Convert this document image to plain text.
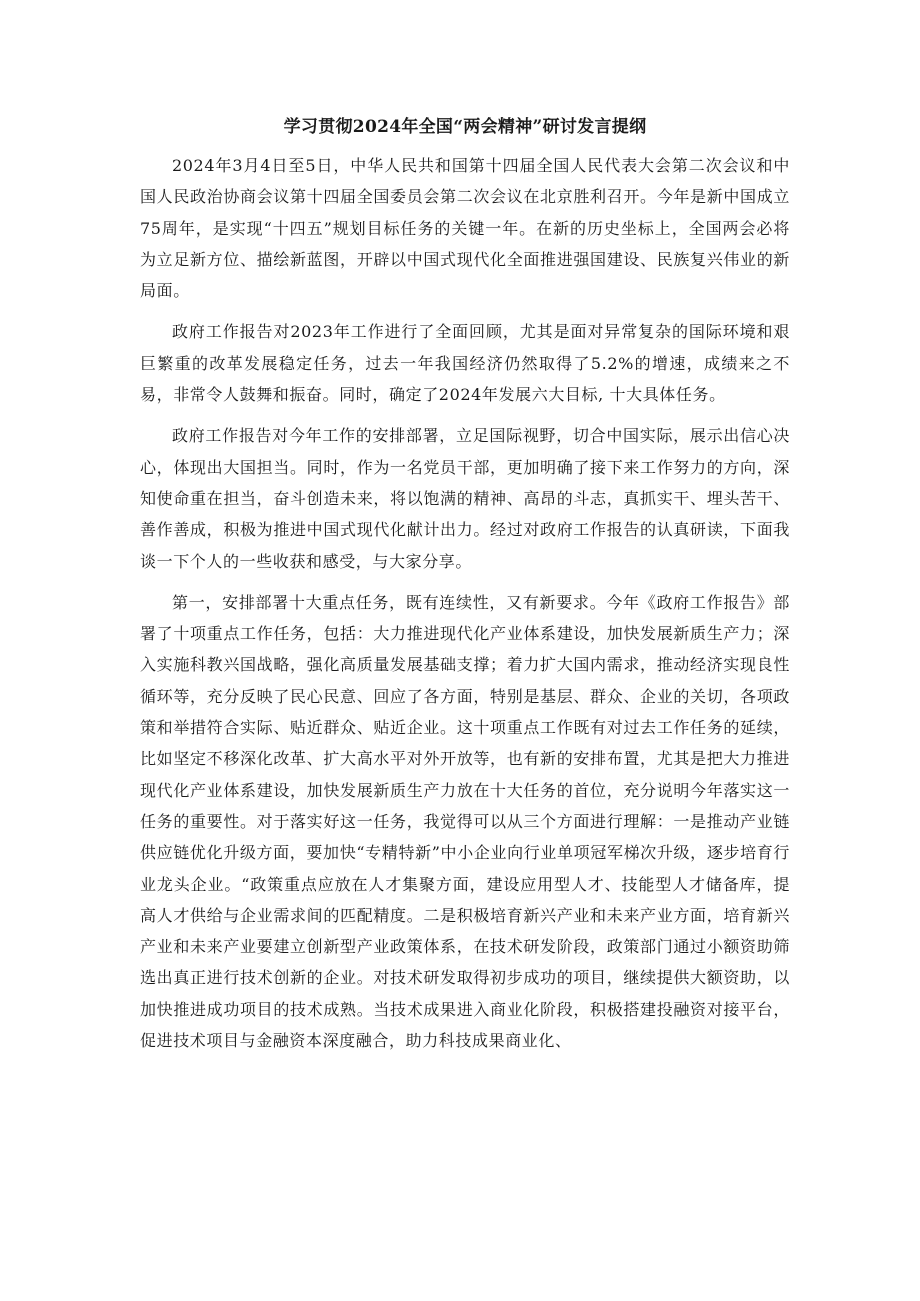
学习贯彻2024年全国“两会精神”研讨发言提纲

2024年3月4日至5日，中华人民共和国第十四届全国人民代表大会第二次会议和中国人民政治协商会议第十四届全国委员会第二次会议在北京胜利召开。今年是新中国成立75周年，是实现“十四五”规划目标任务的关键一年。在新的历史坐标上，全国两会必将为立足新方位、描绘新蓝图，开辟以中国式现代化全面推进强国建设、民族复兴伟业的新局面。

政府工作报告对2023年工作进行了全面回顾，尤其是面对异常复杂的国际环境和艰巨繁重的改革发展稳定任务，过去一年我国经济仍然取得了5.2%的增速，成绩来之不易，非常令人鼓舞和振奋。同时，确定了2024年发展六大目标, 十大具体任务。

政府工作报告对今年工作的安排部署，立足国际视野，切合中国实际，展示出信心决心，体现出大国担当。同时，作为一名党员干部，更加明确了接下来工作努力的方向，深知使命重在担当，奋斗创造未来，将以饱满的精神、高昂的斗志，真抓实干、埋头苦干、善作善成，积极为推进中国式现代化献计出力。经过对政府工作报告的认真研读，下面我谈一下个人的一些收获和感受，与大家分享。

第一，安排部署十大重点任务，既有连续性，又有新要求。今年《政府工作报告》部署了十项重点工作任务，包括：大力推进现代化产业体系建设，加快发展新质生产力；深入实施科教兴国战略，强化高质量发展基础支撑；着力扩大国内需求，推动经济实现良性循环等，充分反映了民心民意、回应了各方面，特别是基层、群众、企业的关切，各项政策和举措符合实际、贴近群众、贴近企业。这十项重点工作既有对过去工作任务的延续，比如坚定不移深化改革、扩大高水平对外开放等，也有新的安排布置，尤其是把大力推进现代化产业体系建设，加快发展新质生产力放在十大任务的首位，充分说明今年落实这一任务的重要性。对于落实好这一任务，我觉得可以从三个方面进行理解：一是推动产业链供应链优化升级方面，要加快“专精特新”中小企业向行业单项冠军梯次升级，逐步培育行业龙头企业。“政策重点应放在人才集聚方面，建设应用型人才、技能型人才储备库，提高人才供给与企业需求间的匹配精度。二是积极培育新兴产业和未来产业方面，培育新兴产业和未来产业要建立创新型产业政策体系，在技术研发阶段，政策部门通过小额资助筛选出真正进行技术创新的企业。对技术研发取得初步成功的项目，继续提供大额资助，以加快推进成功项目的技术成熟。当技术成果进入商业化阶段，积极搭建投融资对接平台，促进技术项目与金融资本深度融合，助力科技成果商业化、
